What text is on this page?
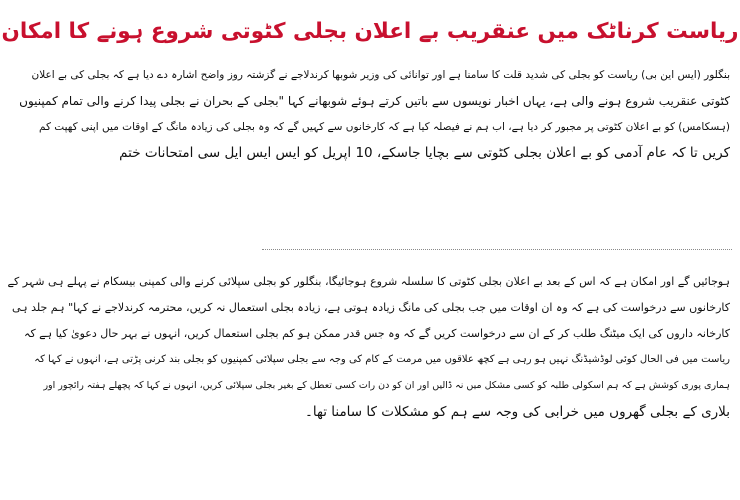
ریاست کرناٹک میں عنقریب بے اعلان بجلی کٹوتی شروع ہونے کا امکان
بنگلور (ایس این بی) ریاست کو بجلی کی شدید قلت کا سامنا ہے اور توانائی کی وزیر شوبھا کرندلاجے نے گزشتہ روز واضح اشارہ دے دیا ہے کہ بجلی کی بے اعلان
کٹوتی عنقریب شروع ہونے والی ہے، یہاں اخبار نویسوں سے باتیں کرتے ہوئے شوبھانے کہا "بجلی کے بحران نے بجلی پیدا کرنے والی تمام کمپنیوں
(ہسکامس) کو بے اعلان کٹوتی پر مجبور کر دیا ہے، اب ہم نے فیصلہ کیا ہے کہ کارخانوں سے کہیں گے کہ وہ بجلی کی زیادہ مانگ کے اوقات میں اپنی کھپت کم
کریں تا کہ عام آدمی کو بے اعلان بجلی کٹوتی سے بچایا جاسکے، 10 اپریل کو ایس ایس ایل سی امتحانات ختم
ہوجائیں گے اور امکان ہے کہ اس کے بعد بے اعلان بجلی کٹوتی کا سلسلہ شروع ہوجائیگا، بنگلور کو بجلی سپلائی کرنے والی کمپنی بیسکام نے پہلے ہی شہر کے
کارخانوں سے درخواست کی ہے کہ وہ ان اوقات میں جب بجلی کی مانگ زیادہ ہوتی ہے، زیادہ بجلی استعمال نہ کریں، محترمہ کرندلاجے نے کہا" ہم جلد ہی
کارخانہ داروں کی ایک میٹنگ طلب کر کے ان سے درخواست کریں گے کہ وہ جس قدر ممکن ہو کم بجلی استعمال کریں، انہوں نے بہر حال دعویٰ کیا ہے کہ
ریاست میں فی الحال کوئی لوڈشیڈنگ نہیں ہو رہی ہے کچھ علاقوں میں مرمت کے کام کی وجہ سے بجلی سپلائی کمپنیوں کو بجلی بند کرنی پڑتی ہے، انہوں نے کہا کہ
ہماری پوری کوشش ہے کہ ہم اسکولی طلبہ کو کسی مشکل میں نہ ڈالیں اور ان کو دن رات کسی تعطل کے بغیر بجلی سپلائی کریں، انہوں نے کہا کہ پچھلے ہفتہ رائچور اور
بلاری کے بجلی گھروں میں خرابی کی وجہ سے ہم کو مشکلات کا سامنا تھا۔
